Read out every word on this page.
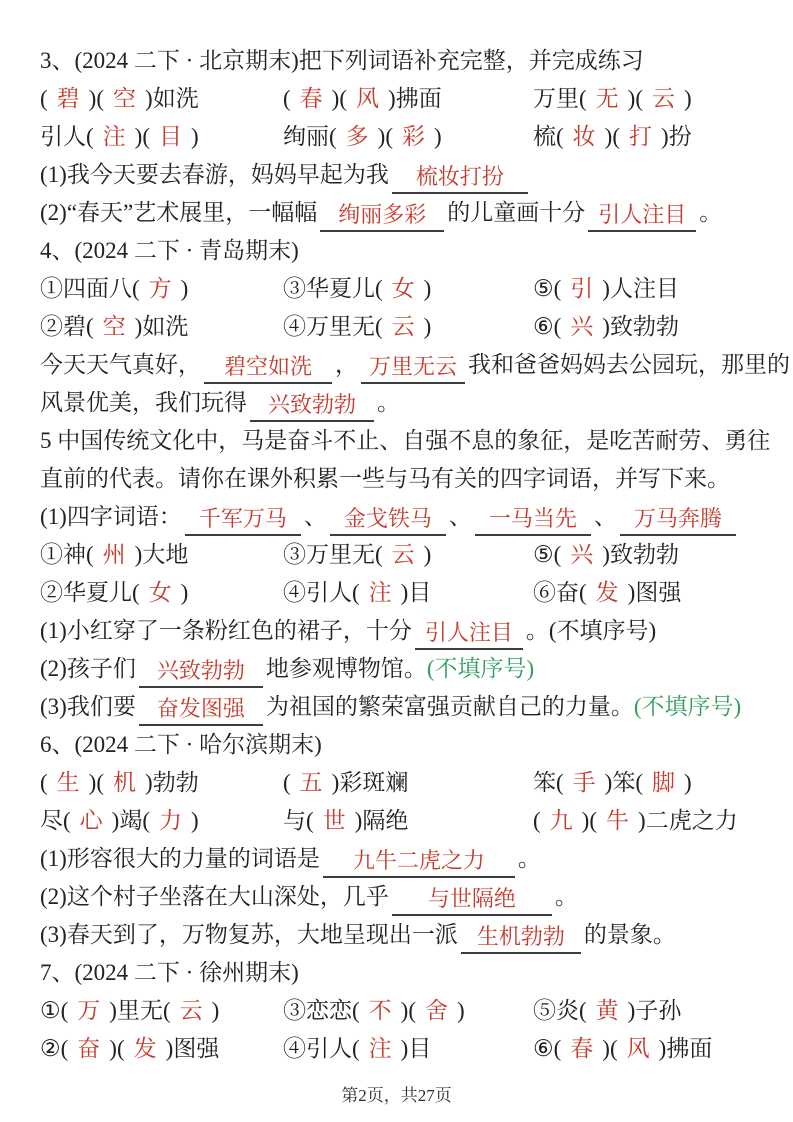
3、(2024 二下 · 北京期末)把下列词语补充完整，并完成练习
( 碧 )( 空 )如洗	( 春 )( 风 )拂面	万里( 无 )( 云 )
引人( 注 )( 目 )	绚丽( 多 )( 彩 )	梳( 妆 )( 打 )扮
(1)我今天要去春游，妈妈早起为我 梳妆打扮
(2)“春天”艺术展里，一幅幅 绚丽多彩 的儿童画十分 引人注目 。
4、(2024 二下 · 青岛期末)
①四面八( 方 )	③华夏儿( 女 )	⑤( 引 )人注目
②碧( 空 )如洗	④万里无( 云 )	⑥( 兴 )致勃勃
今天天气真好， 碧空如洗 ， 万里无云 我和爸爸妈妈去公园玩，那里的
风景优美，我们玩得 兴致勃勃 。
5 中国传统文化中，马是奋斗不止、自强不息的象征，是吃苦耐劳、勇往
直前的代表。请你在课外积累一些与马有关的四字词语，并写下来。
(1)四字词语： 千军万马 、 金戈铁马 、 一马当先 、 万马奔腾
①神( 州 )大地	③万里无( 云 )	⑤( 兴 )致勃勃
②华夏儿( 女 )	④引人( 注 )目	⑥奋( 发 )图强
(1)小红穿了一条粉红色的裙子，十分 引人注目 。(不填序号)
(2)孩子们 兴致勃勃 地参观博物馆。(不填序号)
(3)我们要 奋发图强 为祖国的繁荣富强贡献自己的力量。(不填序号)
6、(2024 二下 · 哈尔滨期末)
( 生 )( 机 )勃勃	( 五 )彩斑斓	笨( 手 )笨( 脚 )
尽( 心 )竭( 力 )	与( 世 )隔绝	( 九 )( 牛 )二虎之力
(1)形容很大的力量的词语是 九牛二虎之力 。
(2)这个村子坐落在大山深处，几乎 与世隔绝 。
(3)春天到了，万物复苏，大地呈现出一派 生机勃勃 的景象。
7、(2024 二下 · 徐州期末)
①( 万 )里无( 云 )	③恋恋( 不 )( 舍 )	⑤炎( 黄 )子孙
②( 奋 )( 发 )图强	④引人( 注 )目	⑥( 春 )( 风 )拂面
第2页，共27页
